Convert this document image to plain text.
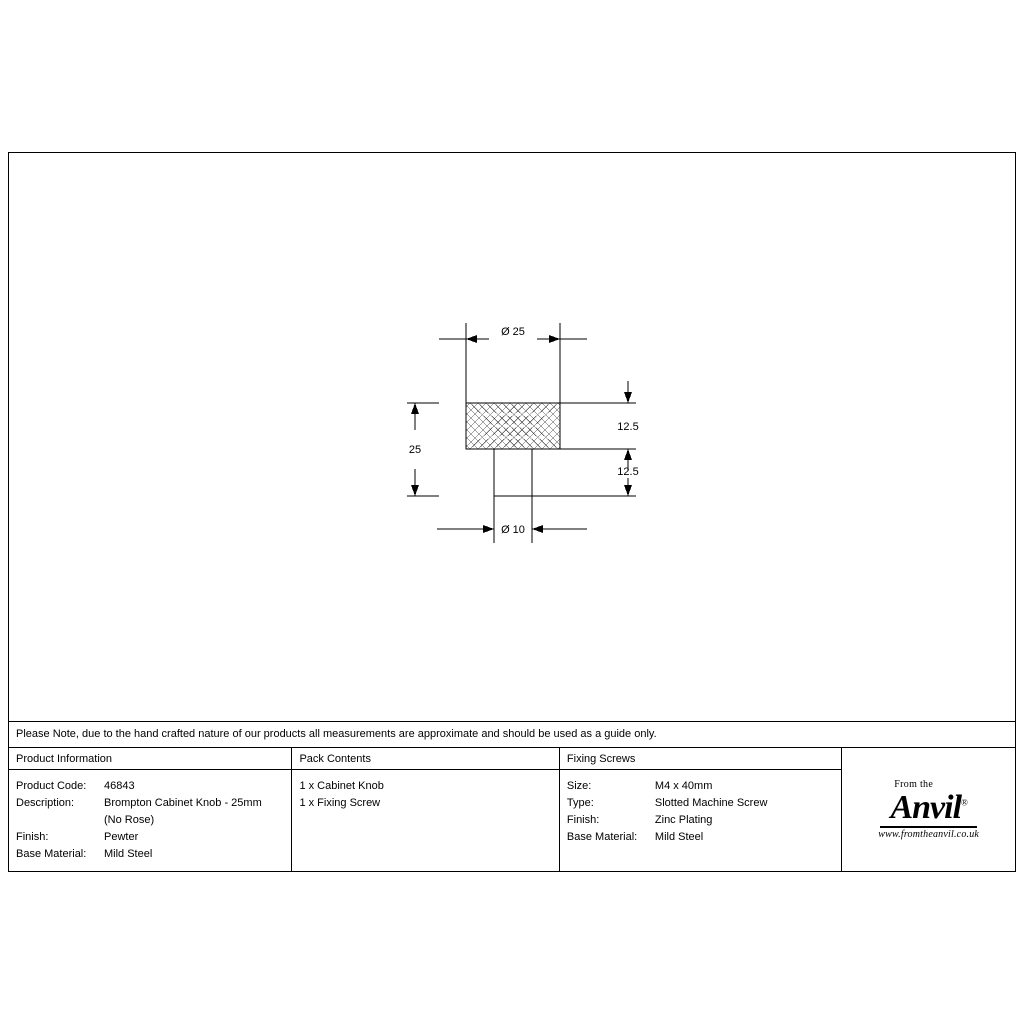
Ø 25
25
12.5
12.5
Ø 10
Please Note, due to the hand crafted nature of our products all measurements are approximate and should be used as a guide only.
Product Information
Product Code:	46843
Description:	Brompton Cabinet Knob - 25mm
(No Rose)
Finish:	Pewter
Base Material:	Mild Steel
Pack Contents
1 x Cabinet Knob
1 x Fixing Screw
Fixing Screws
Size:	M4 x 40mm
Type:	Slotted Machine Screw
Finish:	Zinc Plating
Base Material:	Mild Steel
From the
Anvil®
www.fromtheanvil.co.uk
